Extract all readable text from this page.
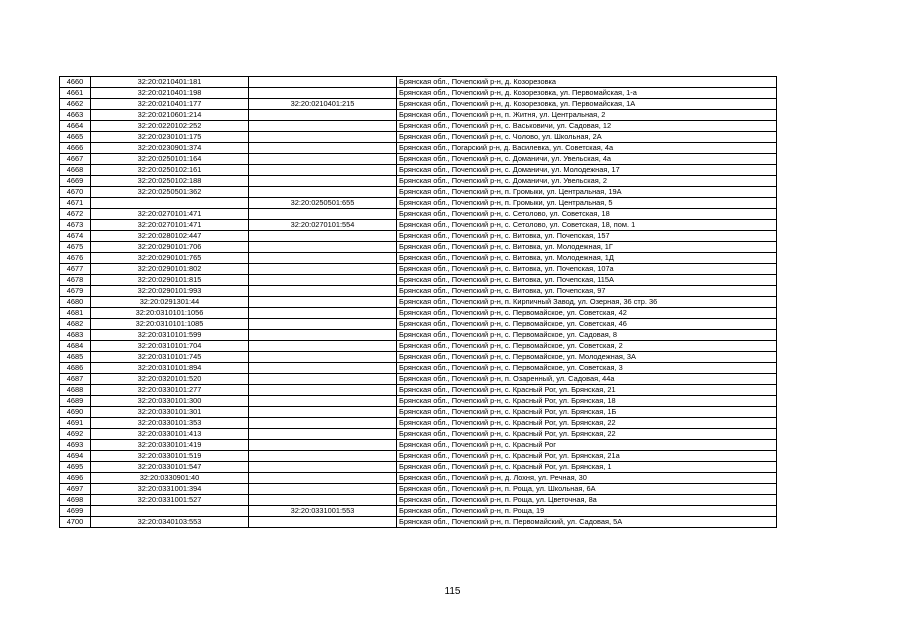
4660	32:20:0210401:181		Брянская обл., Почепский р-н, д. Козорезовка
4661	32:20:0210401:198		Брянская обл., Почепский р-н, д. Козорезовка, ул. Первомайская, 1-а
4662	32:20:0210401:177	32:20:0210401:215	Брянская обл., Почепский р-н, д. Козорезовка, ул. Первомайская, 1А
4663	32:20:0210601:214		Брянская обл., Почепский р-н, п. Житня, ул. Центральная, 2
4664	32:20:0220102:252		Брянская обл., Почепский р-н, с. Васьковичи, ул. Садовая, 12
4665	32:20:0230101:175		Брянская обл., Почепский р-н, с. Чолово, ул. Школьная, 2А
4666	32:20:0230901:374		Брянская обл., Погарский р-н, д. Василевка, ул. Советская, 4а
4667	32:20:0250101:164		Брянская обл., Почепский р-н, с. Доманичи, ул. Увельская, 4а
4668	32:20:0250102:161		Брянская обл., Почепский р-н, с. Доманичи, ул. Молодежная, 17
4669	32:20:0250102:188		Брянская обл., Почепский р-н, с. Доманичи, ул. Увельская, 2
4670	32:20:0250501:362		Брянская обл., Почепский р-н, п. Громыки, ул. Центральная, 19А
4671		32:20:0250501:655	Брянская обл., Почепский р-н, п. Громыки, ул. Центральная, 5
4672	32:20:0270101:471		Брянская обл., Почепский р-н, с. Сетолово, ул. Советская, 18
4673	32:20:0270101:471	32:20:0270101:554	Брянская обл., Почепский р-н, с. Сетолово, ул. Советская, 18, пом. 1
4674	32:20:0280102:447		Брянская обл., Почепский р-н, с. Витовка, ул. Почепская, 157
4675	32:20:0290101:706		Брянская обл., Почепский р-н, с. Витовка, ул. Молодежная, 1Г
4676	32:20:0290101:765		Брянская обл., Почепский р-н, с. Витовка, ул. Молодежная, 1Д
4677	32:20:0290101:802		Брянская обл., Почепский р-н, с. Витовка, ул. Почепская, 107а
4678	32:20:0290101:815		Брянская обл., Почепский р-н, с. Витовка, ул. Почепская, 115А
4679	32:20:0290101:993		Брянская обл., Почепский р-н, с. Витовка, ул. Почепская, 97
4680	32:20:0291301:44		Брянская обл., Почепский р-н, п. Кирпичный Завод, ул. Озерная, 36 стр. 36
4681	32:20:0310101:1056		Брянская обл., Почепский р-н, с. Первомайское, ул. Советская, 42
4682	32:20:0310101:1085		Брянская обл., Почепский р-н, с. Первомайское, ул. Советская, 46
4683	32:20:0310101:599		Брянская обл., Почепский р-н, с. Первомайское, ул. Садовая, 8
4684	32:20:0310101:704		Брянская обл., Почепский р-н, с. Первомайское, ул. Советская, 2
4685	32:20:0310101:745		Брянская обл., Почепский р-н, с. Первомайское, ул. Молодежная, 3А
4686	32:20:0310101:894		Брянская обл., Почепский р-н, с. Первомайское, ул. Советская, 3
4687	32:20:0320101:520		Брянская обл., Почепский р-н, п. Озаренный, ул. Садовая, 44а
4688	32:20:0330101:277		Брянская обл., Почепский р-н, с. Красный Рог, ул. Брянская, 21
4689	32:20:0330101:300		Брянская обл., Почепский р-н, с. Красный Рог, ул. Брянская, 18
4690	32:20:0330101:301		Брянская обл., Почепский р-н, с. Красный Рог, ул. Брянская, 1Б
4691	32:20:0330101:353		Брянская обл., Почепский р-н, с. Красный Рог, ул. Брянская, 22
4692	32:20:0330101:413		Брянская обл., Почепский р-н, с. Красный Рог, ул. Брянская, 22
4693	32:20:0330101:419		Брянская обл., Почепский р-н, с. Красный Рог
4694	32:20:0330101:519		Брянская обл., Почепский р-н, с. Красный Рог, ул. Брянская, 21а
4695	32:20:0330101:547		Брянская обл., Почепский р-н, с. Красный Рог, ул. Брянская, 1
4696	32:20:0330901:40		Брянская обл., Почепский р-н, д. Лохня, ул. Речная, 30
4697	32:20:0331001:394		Брянская обл., Почепский р-н, п. Роща, ул. Школьная, 6А
4698	32:20:0331001:527		Брянская обл., Почепский р-н, п. Роща, ул. Цветочная, 8а
4699		32:20:0331001:553	Брянская обл., Почепский р-н, п. Роща, 19
4700	32:20:0340103:553		Брянская обл., Почепский р-н, п. Первомайский, ул. Садовая, 5А
115
